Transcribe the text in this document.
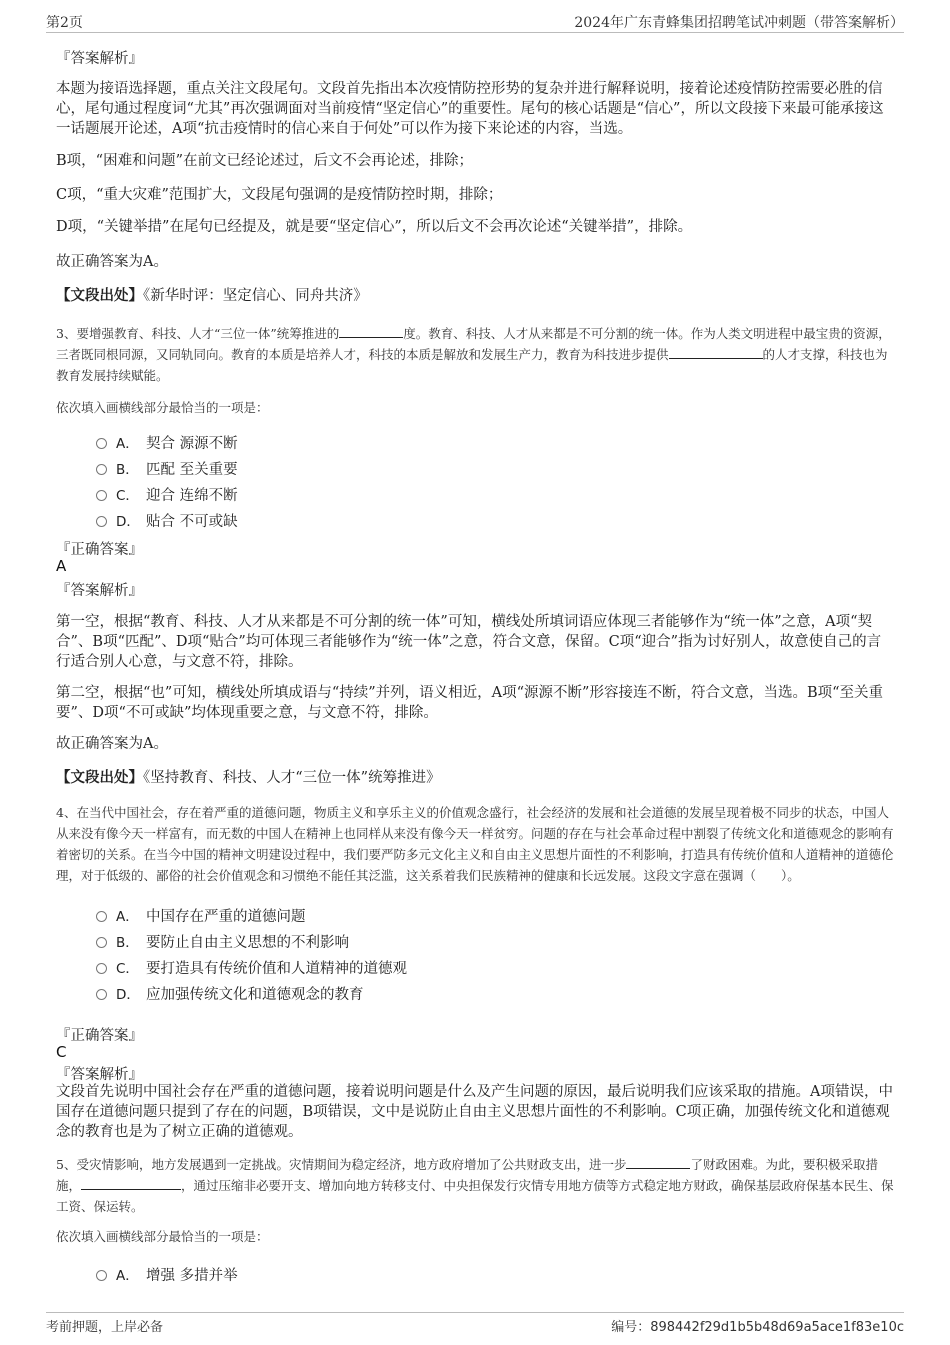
第2页	2024年广东青蜂集团招聘笔试冲刺题（带答案解析）
『答案解析』

本题为接语选择题，重点关注文段尾句。文段首先指出本次疫情防控形势的复杂并进行解释说明，接着论述疫情防控需要必胜的信心，尾句通过程度词“尤其”再次强调面对当前疫情“坚定信心”的重要性。尾句的核心话题是“信心”，所以文段接下来最可能承接这一话题展开论述，A项“抗击疫情时的信心来自于何处”可以作为接下来论述的内容，当选。

B项，“困难和问题”在前文已经论述过，后文不会再论述，排除；

C项，“重大灾难”范围扩大，文段尾句强调的是疫情防控时期，排除；

D项，“关键举措”在尾句已经提及，就是要“坚定信心”，所以后文不会再次论述“关键举措”，排除。

故正确答案为A。

【文段出处】《新华时评：坚定信心、同舟共济》

3、要增强教育、科技、人才“三位一体”统筹推进的	度。教育、科技、人才从来都是不可分割的统一体。作为人类文明进程中最宝贵的资源，三者既同根同源，又同轨同向。教育的本质是培养人才，科技的本质是解放和发展生产力，教育为科技进步提供	的人才支撑，科技也为教育发展持续赋能。

依次填入画横线部分最恰当的一项是：

A． 契合 源源不断
B． 匹配 至关重要
C． 迎合 连绵不断
D． 贴合 不可或缺
『正确答案』
A
『答案解析』

第一空，根据“教育、科技、人才从来都是不可分割的统一体”可知，横线处所填词语应体现三者能够作为“统一体”之意，A项“契合”、B项“匹配”、D项“贴合”均可体现三者能够作为“统一体”之意，符合文意，保留。C项“迎合”指为讨好别人，故意使自己的言行适合别人心意，与文意不符，排除。

第二空，根据“也”可知，横线处所填成语与“持续”并列，语义相近，A项“源源不断”形容接连不断，符合文意，当选。B项“至关重要”、D项“不可或缺”均体现重要之意，与文意不符，排除。

故正确答案为A。

【文段出处】《坚持教育、科技、人才“三位一体”统筹推进》

4、在当代中国社会，存在着严重的道德问题，物质主义和享乐主义的价值观念盛行，社会经济的发展和社会道德的发展呈现着极不同步的状态，中国人从来没有像今天一样富有，而无数的中国人在精神上也同样从来没有像今天一样贫穷。问题的存在与社会革命过程中割裂了传统文化和道德观念的影响有着密切的关系。在当今中国的精神文明建设过程中，我们要严防多元文化主义和自由主义思想片面性的不利影响，打造具有传统价值和人道精神的道德伦理，对于低级的、鄙俗的社会价值观念和习惯绝不能任其泛滥，这关系着我们民族精神的健康和长远发展。这段文字意在强调（　　）。

A． 中国存在严重的道德问题
B． 要防止自由主义思想的不利影响
C． 要打造具有传统价值和人道精神的道德观
D． 应加强传统文化和道德观念的教育
『正确答案』
C
『答案解析』

文段首先说明中国社会存在严重的道德问题，接着说明问题是什么及产生问题的原因，最后说明我们应该采取的措施。A项错误，中国存在道德问题只提到了存在的问题，B项错误，文中是说防止自由主义思想片面性的不利影响。C项正确，加强传统文化和道德观念的教育也是为了树立正确的道德观。

5、受灾情影响，地方发展遇到一定挑战。灾情期间为稳定经济，地方政府增加了公共财政支出，进一步	了财政困难。为此，要积极采取措施，	，通过压缩非必要开支、增加向地方转移支付、中央担保发行灾情专用地方债等方式稳定地方财政，确保基层政府保基本民生、保工资、保运转。

依次填入画横线部分最恰当的一项是：

A． 增强 多措并举
考前押题，上岸必备	编号：898442f29d1b5b48d69a5ace1f83e10c
